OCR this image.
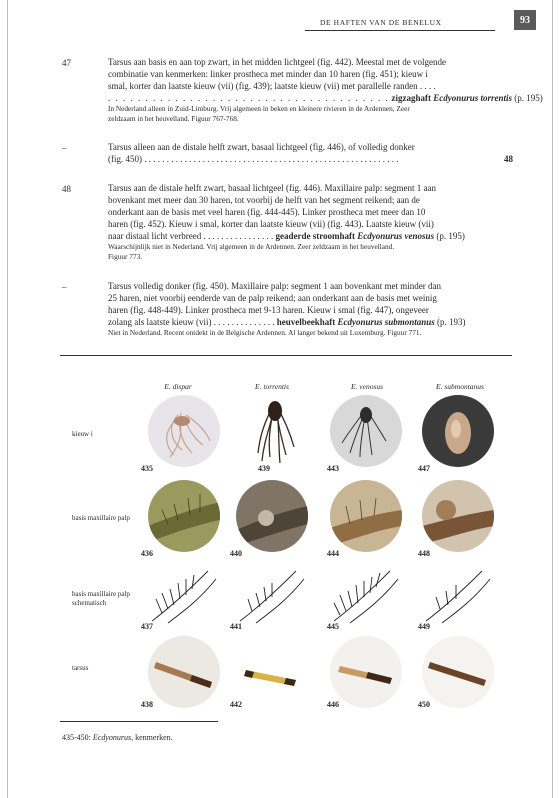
DE HAFTEN VAN DE BENELUX	93
47	Tarsus aan basis en aan top zwart, in het midden lichtgeel (fig. 442). Meestal met de volgende
combinatie van kenmerken: linker prostheca met minder dan 10 haren (fig. 451); kieuw i
smal, korter dan laatste kieuw (vii) (fig. 439); laatste kieuw (vii) met parallelle randen . . . .
. . . . . . . . . . . . . . . . . . . . . . . . . . . . . . . . . . . . . . zigzaghaft Ecdyonurus torrentis (p. 195)
In Nederland alleen in Zuid-Limburg. Vrij algemeen in beken en kleinere rivieren in de Ardennen, Zeer
zeldzaam in het heuvelland. Figuur 767-768.
–	Tarsus alleen aan de distale helft zwart, basaal lichtgeel (fig. 446), of volledig donker
(fig. 450) . . . . . . . . . . . . . . . . . . . . . . . . . . . . . . . . . . . . . . . . . . . . . . . . . . . . . . . . .	48
48	Tarsus aan de distale helft zwart, basaal lichtgeel (fig. 446). Maxillaire palp: segment 1 aan
bovenkant met meer dan 30 haren, tot voorbij de helft van het segment reikend; aan de
onderkant aan de basis met veel haren (fig. 444-445). Linker prostheca met meer dan 10
haren (fig. 452). Kieuw i smal, korter dan laatste kieuw (vii) (fig. 443). Laatste kieuw (vii)
naar distaal licht verbreed . . . . . . . . . . . . . . . . geaderde stroomhaft Ecdyonurus venosus (p. 195)
Waarschijnlijk niet in Nederland. Vrij algemeen in de Ardennen. Zeer zeldzaam in het heuvelland.
Figuur 773.
–	Tarsus volledig donker (fig. 450). Maxillaire palp: segment 1 aan bovenkant met minder dan
25 haren, niet voorbij eenderde van de palp reikend; aan onderkant aan de basis met weinig
haren (fig. 448-449). Linker prostheca met 9-13 haren. Kieuw i smal (fig. 447), ongeveer
zolang als laatste kieuw (vii) . . . . . . . . . . . . . . heuvelbeekhaft Ecdyonurus submontanus (p. 193)
Niet in Nederland. Recent ontdekt in de Belgische Ardennen. Al langer bekend uit Luxemburg. Figuur 771.
E. dispar	E. torrentis	E. venosus	E. submontanus
kieuw i
basis maxillaire palp
basis maxillaire palp
schematisch
tarsus
435	439	443	447
436	440	444	448
437	441	445	449
438	442	446	450
435-450: Ecdyonurus, kenmerken.
